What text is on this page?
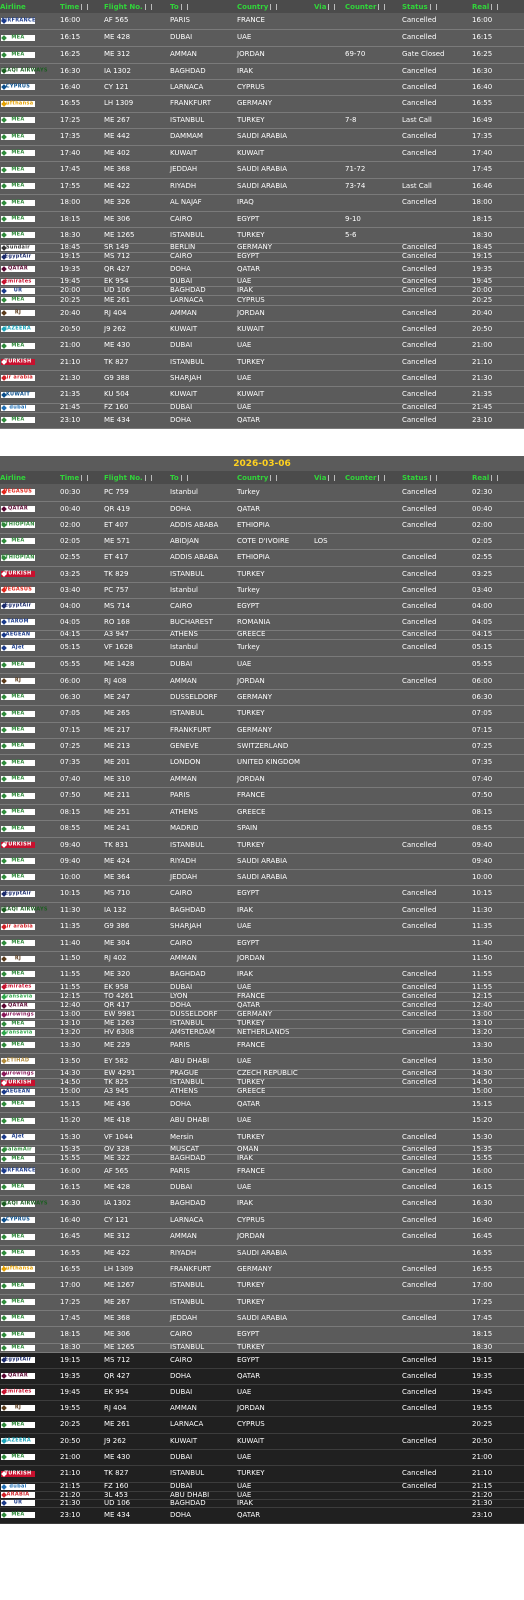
Airline	Time	Flight No.	To	Country	Via	Counter	Status	Real

AIRFRANCE	16:00	AF 565	PARIS	FRANCE			Cancelled	16:00

MEA	16:15	ME 428	DUBAI	UAE			Cancelled	16:15

MEA	16:25	ME 312	AMMAN	JORDAN		69-70	Gate Closed	16:25

IRAQI AIRWAYS	16:30	IA 1302	BAGHDAD	IRAK			Cancelled	16:30

CYPRUS	16:40	CY 121	LARNACA	CYPRUS			Cancelled	16:40

Lufthansa	16:55	LH 1309	FRANKFURT	GERMANY			Cancelled	16:55

MEA	17:25	ME 267	ISTANBUL	TURKEY		7-8	Last Call	16:49

MEA	17:35	ME 442	DAMMAM	SAUDI ARABIA			Cancelled	17:35

MEA	17:40	ME 402	KUWAIT	KUWAIT			Cancelled	17:40

MEA	17:45	ME 368	JEDDAH	SAUDI ARABIA		71-72		17:45

MEA	17:55	ME 422	RIYADH	SAUDI ARABIA		73-74	Last Call	16:46

MEA	18:00	ME 326	AL NAJAF	IRAQ			Cancelled	18:00

MEA	18:15	ME 306	CAIRO	EGYPT		9-10		18:15

MEA	18:30	ME 1265	ISTANBUL	TURKEY		5-6		18:30

Sundair	18:45	SR 149	BERLIN	GERMANY			Cancelled	18:45

EgyptAir	19:15	MS 712	CAIRO	EGYPT			Cancelled	19:15

QATAR	19:35	QR 427	DOHA	QATAR			Cancelled	19:35

Emirates	19:45	EK 954	DUBAI	UAE			Cancelled	19:45

UR	20:00	UD 106	BAGHDAD	IRAK			Cancelled	20:00

MEA	20:25	ME 261	LARNACA	CYPRUS				20:25

RJ	20:40	RJ 404	AMMAN	JORDAN			Cancelled	20:40

JAZEERA	20:50	J9 262	KUWAIT	KUWAIT			Cancelled	20:50

MEA	21:00	ME 430	DUBAI	UAE			Cancelled	21:00

TURKISH	21:10	TK 827	ISTANBUL	TURKEY			Cancelled	21:10

air arabia	21:30	G9 388	SHARJAH	UAE			Cancelled	21:30

KUWAIT	21:35	KU 504	KUWAIT	KUWAIT			Cancelled	21:35

dubai	21:45	FZ 160	DUBAI	UAE			Cancelled	21:45

MEA	23:10	ME 434	DOHA	QATAR			Cancelled	23:10
2026-03-06								
Airline	Time	Flight No.	To	Country	Via	Counter	Status	Real

PEGASUS	00:30	PC 759	Istanbul	Turkey			Cancelled	02:30

QATAR	00:40	QR 419	DOHA	QATAR			Cancelled	00:40

ETHIOPIAN	02:00	ET 407	ADDIS ABABA	ETHIOPIA			Cancelled	02:00

MEA	02:05	ME 571	ABIDJAN	COTE D'IVOIRE	LOS			02:05

ETHIOPIAN	02:55	ET 417	ADDIS ABABA	ETHIOPIA			Cancelled	02:55

TURKISH	03:25	TK 829	ISTANBUL	TURKEY			Cancelled	03:25

PEGASUS	03:40	PC 757	Istanbul	Turkey			Cancelled	03:40

EgyptAir	04:00	MS 714	CAIRO	EGYPT			Cancelled	04:00

TAROM	04:05	RO 168	BUCHAREST	ROMANIA			Cancelled	04:05

AEGEAN	04:15	A3 947	ATHENS	GREECE			Cancelled	04:15

AJet	05:15	VF 1628	Istanbul	Turkey			Cancelled	05:15

MEA	05:55	ME 1428	DUBAI	UAE				05:55

RJ	06:00	RJ 408	AMMAN	JORDAN			Cancelled	06:00

MEA	06:30	ME 247	DUSSELDORF	GERMANY				06:30

MEA	07:05	ME 265	ISTANBUL	TURKEY				07:05

MEA	07:15	ME 217	FRANKFURT	GERMANY				07:15

MEA	07:25	ME 213	GENEVE	SWITZERLAND				07:25

MEA	07:35	ME 201	LONDON	UNITED KINGDOM				07:35

MEA	07:40	ME 310	AMMAN	JORDAN				07:40

MEA	07:50	ME 211	PARIS	FRANCE				07:50

MEA	08:15	ME 251	ATHENS	GREECE				08:15

MEA	08:55	ME 241	MADRID	SPAIN				08:55

TURKISH	09:40	TK 831	ISTANBUL	TURKEY			Cancelled	09:40

MEA	09:40	ME 424	RIYADH	SAUDI ARABIA				09:40

MEA	10:00	ME 364	JEDDAH	SAUDI ARABIA				10:00

EgyptAir	10:15	MS 710	CAIRO	EGYPT			Cancelled	10:15

IRAQI AIRWAYS	11:30	IA 132	BAGHDAD	IRAK			Cancelled	11:30

air arabia	11:35	G9 386	SHARJAH	UAE			Cancelled	11:35

MEA	11:40	ME 304	CAIRO	EGYPT				11:40

RJ	11:50	RJ 402	AMMAN	JORDAN				11:50

MEA	11:55	ME 320	BAGHDAD	IRAK			Cancelled	11:55

Emirates	11:55	EK 958	DUBAI	UAE			Cancelled	11:55

transavia	12:15	TO 4261	LYON	FRANCE			Cancelled	12:15

QATAR	12:40	QR 417	DOHA	QATAR			Cancelled	12:40

eurowings	13:00	EW 9981	DUSSELDORF	GERMANY			Cancelled	13:00

MEA	13:10	ME 1263	ISTANBUL	TURKEY				13:10

transavia	13:20	HV 6308	AMSTERDAM	NETHERLANDS			Cancelled	13:20

MEA	13:30	ME 229	PARIS	FRANCE				13:30

ETIHAD	13:50	EY 582	ABU DHABI	UAE			Cancelled	13:50

eurowings	14:30	EW 4291	PRAGUE	CZECH REPUBLIC			Cancelled	14:30

TURKISH	14:50	TK 825	ISTANBUL	TURKEY			Cancelled	14:50

AEGEAN	15:00	A3 945	ATHENS	GREECE				15:00

MEA	15:15	ME 436	DOHA	QATAR				15:15

MEA	15:20	ME 418	ABU DHABI	UAE				15:20

AJet	15:30	VF 1044	Mersin	TURKEY			Cancelled	15:30

SalamAir	15:35	OV 328	MUSCAT	OMAN			Cancelled	15:35

MEA	15:55	ME 322	BAGHDAD	IRAK			Cancelled	15:55

AIRFRANCE	16:00	AF 565	PARIS	FRANCE			Cancelled	16:00

MEA	16:15	ME 428	DUBAI	UAE			Cancelled	16:15

IRAQI AIRWAYS	16:30	IA 1302	BAGHDAD	IRAK			Cancelled	16:30

CYPRUS	16:40	CY 121	LARNACA	CYPRUS			Cancelled	16:40

MEA	16:45	ME 312	AMMAN	JORDAN			Cancelled	16:45

MEA	16:55	ME 422	RIYADH	SAUDI ARABIA				16:55

Lufthansa	16:55	LH 1309	FRANKFURT	GERMANY			Cancelled	16:55

MEA	17:00	ME 1267	ISTANBUL	TURKEY			Cancelled	17:00

MEA	17:25	ME 267	ISTANBUL	TURKEY				17:25

MEA	17:45	ME 368	JEDDAH	SAUDI ARABIA			Cancelled	17:45

MEA	18:15	ME 306	CAIRO	EGYPT				18:15

MEA	18:30	ME 1265	ISTANBUL	TURKEY				18:30

EgyptAir	19:15	MS 712	CAIRO	EGYPT			Cancelled	19:15

QATAR	19:35	QR 427	DOHA	QATAR			Cancelled	19:35

Emirates	19:45	EK 954	DUBAI	UAE			Cancelled	19:45

RJ	19:55	RJ 404	AMMAN	JORDAN			Cancelled	19:55

MEA	20:25	ME 261	LARNACA	CYPRUS				20:25

JAZEERA	20:50	J9 262	KUWAIT	KUWAIT			Cancelled	20:50

MEA	21:00	ME 430	DUBAI	UAE				21:00

TURKISH	21:10	TK 827	ISTANBUL	TURKEY			Cancelled	21:10

dubai	21:15	FZ 160	DUBAI	UAE			Cancelled	21:15

ARABIA	21:20	3L 453	ABU DHABI	UAE				21:20

UR	21:30	UD 106	BAGHDAD	IRAK				21:30

MEA	23:10	ME 434	DOHA	QATAR				23:10
